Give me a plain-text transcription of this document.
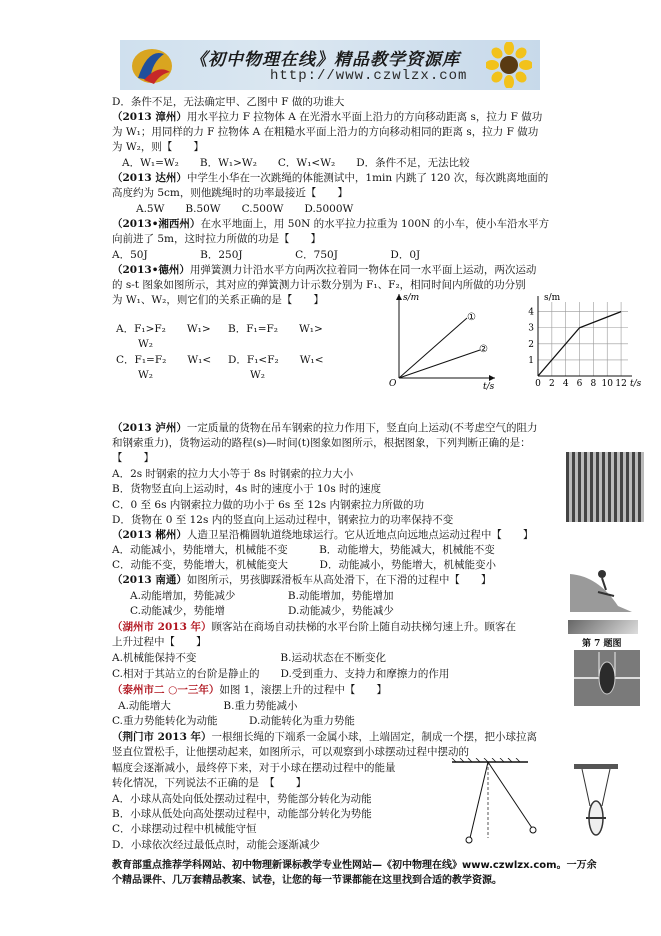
《初中物理在线》精品教学资源库
http://www.czwlzx.com
D．条件不足，无法确定甲、乙图中 F 做的功谁大
（2013 漳州）用水平拉力 F 拉物体 A 在光滑水平面上沿力的方向移动距离 s，拉力 F 做功
为 W₁；用同样的力 F 拉物体 A 在粗糙水平面上沿力的方向移动相同的距离 s，拉力 F 做功
为 W₂，则【　　】
A．W₁=W₂　　B．W₁>W₂　　C．W₁<W₂　　D．条件不足，无法比较
（2013 达州）中学生小华在一次跳绳的体能测试中，1min 内跳了 120 次，每次跳离地面的
高度约为 5cm，则他跳绳时的功率最接近【　　】
A.5W　　B.50W　　C.500W　　D.5000W
（2013•湘西州）在水平地面上，用 50N 的水平拉力拉重为 100N 的小车，使小车沿水平方
向前进了 5m，这时拉力所做的功是【　　】
A．50J　　　　　B．250J　　　　　C．750J　　　　　D．0J
（2013•德州）用弹簧测力计沿水平方向两次拉着同一物体在同一水平面上运动，两次运动
的 s-t 图象如图所示，其对应的弹簧测力计示数分别为 F₁、F₂，相同时间内所做的功分别
为 W₁、W₂，则它们的关系正确的是【　　】
A．F₁>F₂　　W₁>
W₂
B．F₁=F₂　　W₁>
C．F₁=F₂　　W₁<
W₂
D．F₁<F₂　　W₁<
W₂
s/m
t/s
O
①
②
1
2
3
4
0 2 4 6 8 10 12
s/m
t/s
（2013 泸州）一定质量的货物在吊车钢索的拉力作用下，竖直向上运动(不考虑空气的阻力
和钢索重力)，货物运动的路程(s)—时间(t)图象如图所示，根据图象，下列判断正确的是：
【　　】
A．2s 时钢索的拉力大小等于 8s 时钢索的拉力大小
B．货物竖直向上运动时，4s 时的速度小于 10s 时的速度
C．0 至 6s 内钢索拉力做的功小于 6s 至 12s 内钢索拉力所做的功
D．货物在 0 至 12s 内的竖直向上运动过程中，钢索拉力的功率保持不变
（2013 郴州）人造卫星沿椭圆轨道绕地球运行。它从近地点向远地点运动过程中【　　】
A．动能减小，势能增大，机械能不变　　　B．动能增大，势能减大，机械能不变
C．动能不变，势能增大，机械能变大　　　D．动能减小，势能增大，机械能变小
（2013 南通）如图所示，男孩脚踩滑板车从高处滑下，在下滑的过程中【　　】
A.动能增加，势能减少　　　　　B.动能增加，势能增加
C.动能减少，势能增　　　　　　D.动能减少，势能减少
（湖州市 2013 年）顾客站在商场自动扶梯的水平台阶上随自动扶梯匀速上升。顾客在
上升过程中【　　】
A.机械能保持不变　　　　　　　　B.运动状态在不断变化
C.相对于其站立的台阶是静止的　　D.受到重力、支持力和摩擦力的作用
第 7 题图
（泰州市二 ○一三年）如图 1，滚摆上升的过程中【　　】
A.动能增大　　　　　B.重力势能减小
C.重力势能转化为动能　　　D.动能转化为重力势能
（荆门市 2013 年）一根细长绳的下端系一金属小球，上端固定，制成一个摆，把小球拉离
竖直位置松手，让他摆动起来，如图所示，可以观察到小球摆动过程中摆动的
幅度会逐渐减小，最终停下来，对于小球在摆动过程中的能量
转化情况，下列说法不正确的是　【　　】
A．小球从高处向低处摆动过程中，势能部分转化为动能
B．小球从低处向高处摆动过程中，动能部分转化为势能
C．小球摆动过程中机械能守恒
D．小球依次经过最低点时，动能会逐渐减少
教育部重点推荐学科网站、初中物理新课标教学专业性网站—《初中物理在线》www.czwlzx.com。一万余
个精品课件、几万套精品教案、试卷，让您的每一节课都能在这里找到合适的教学资源。
